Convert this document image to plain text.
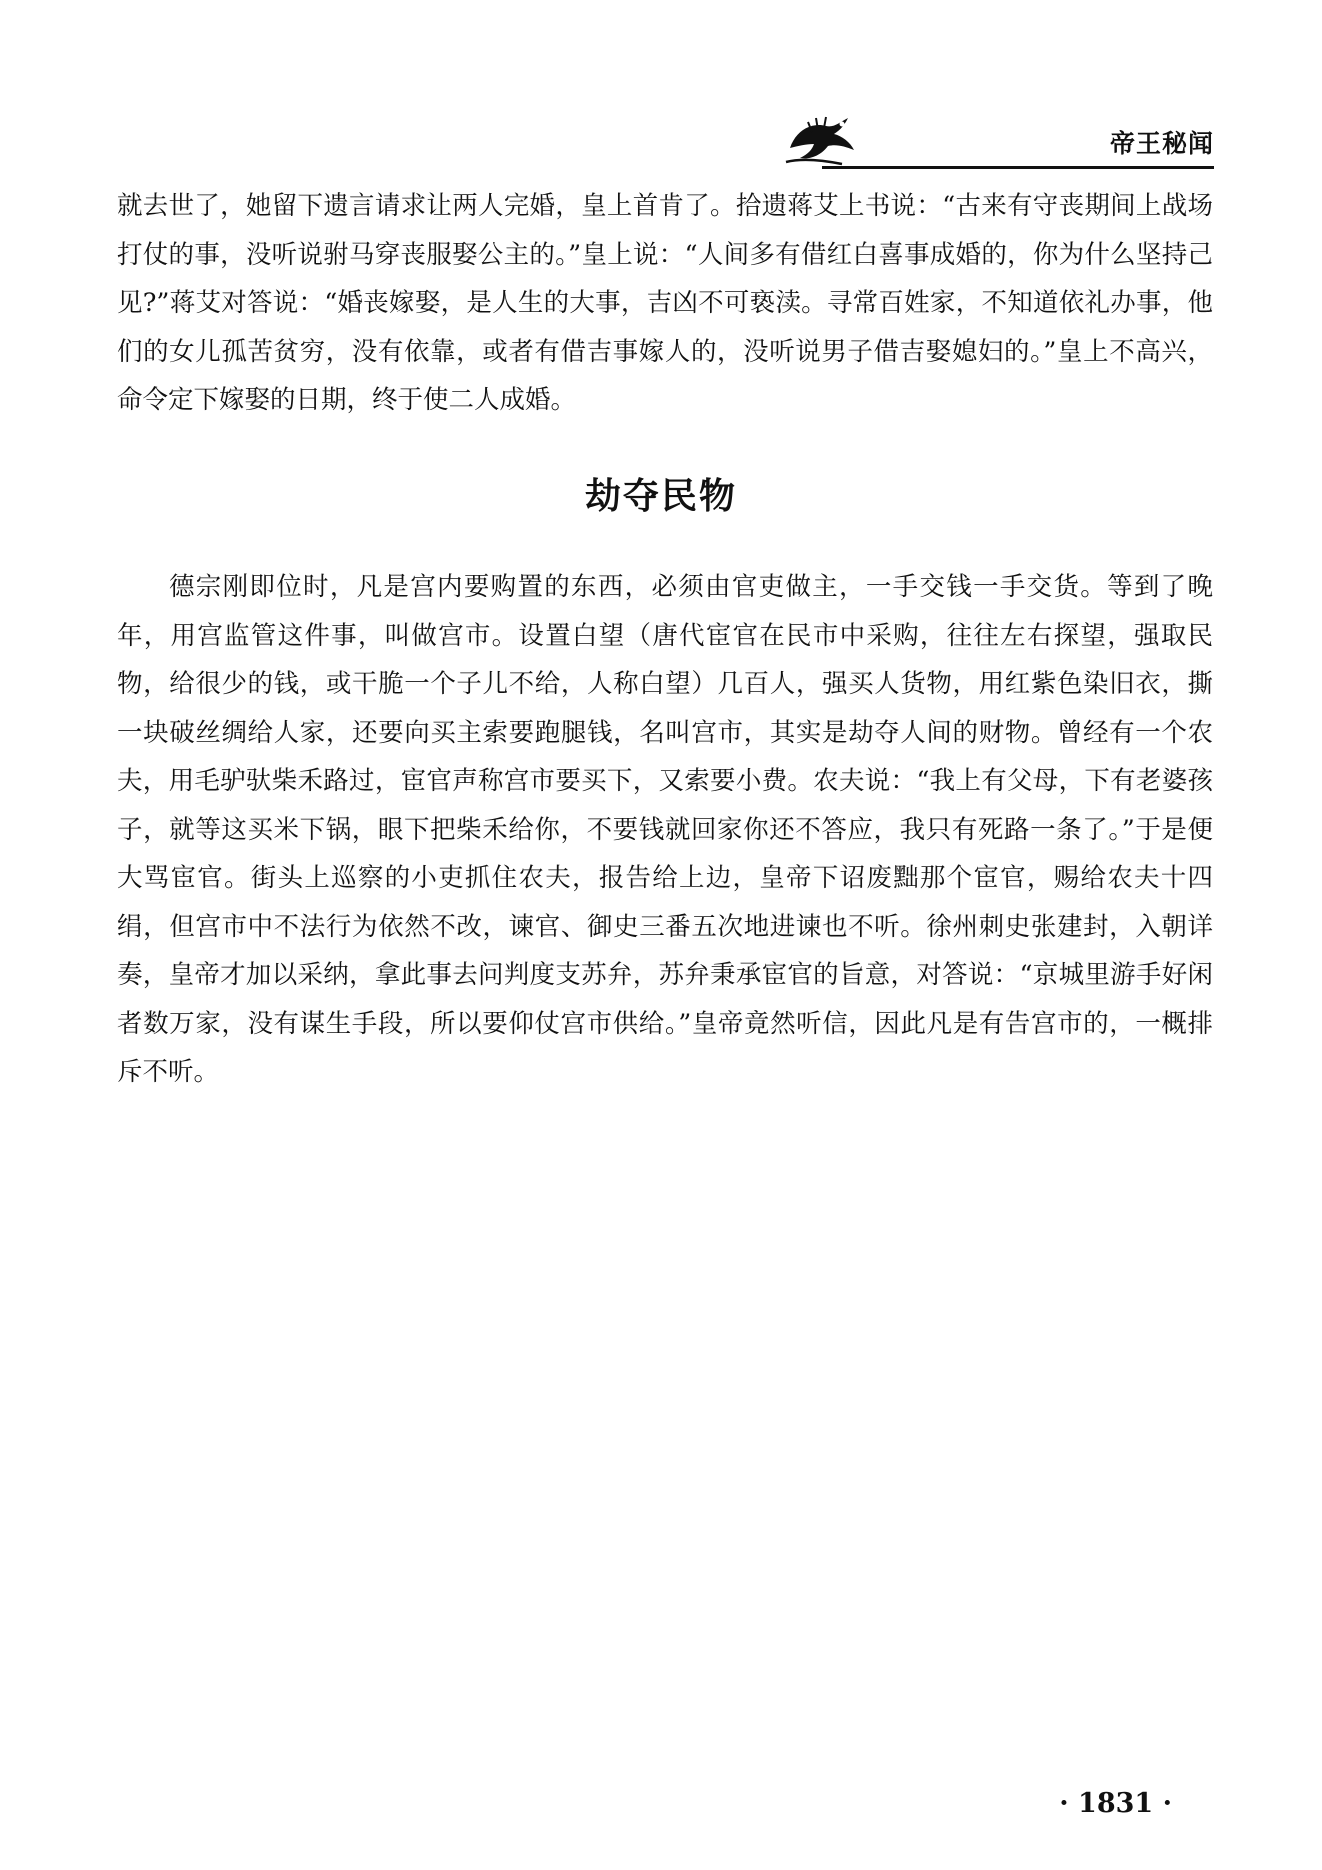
帝王秘闻

就去世了，她留下遗言请求让两人完婚，皇上首肯了。拾遗蒋艾上书说：“古来有守丧期间上战场打仗的事，没听说驸马穿丧服娶公主的。”皇上说：“人间多有借红白喜事成婚的，你为什么坚持己见?”蒋艾对答说：“婚丧嫁娶，是人生的大事，吉凶不可亵渎。寻常百姓家，不知道依礼办事，他们的女儿孤苦贫穷，没有依靠，或者有借吉事嫁人的，没听说男子借吉娶媳妇的。”皇上不高兴，命令定下嫁娶的日期，终于使二人成婚。

劫夺民物

德宗刚即位时，凡是宫内要购置的东西，必须由官吏做主，一手交钱一手交货。等到了晚年，用宫监管这件事，叫做宫市。设置白望（唐代宦官在民市中采购，往往左右探望，强取民物，给很少的钱，或干脆一个子儿不给，人称白望）几百人，强买人货物，用红紫色染旧衣，撕一块破丝绸给人家，还要向买主索要跑腿钱，名叫宫市，其实是劫夺人间的财物。曾经有一个农夫，用毛驴驮柴禾路过，宦官声称宫市要买下，又索要小费。农夫说：“我上有父母，下有老婆孩子，就等这买米下锅，眼下把柴禾给你，不要钱就回家你还不答应，我只有死路一条了。”于是便大骂宦官。街头上巡察的小吏抓住农夫，报告给上边，皇帝下诏废黜那个宦官，赐给农夫十四绢，但宫市中不法行为依然不改，谏官、御史三番五次地进谏也不听。徐州刺史张建封，入朝详奏，皇帝才加以采纳，拿此事去问判度支苏弁，苏弁秉承宦官的旨意，对答说：“京城里游手好闲者数万家，没有谋生手段，所以要仰仗宫市供给。”皇帝竟然听信，因此凡是有告宫市的，一概排斥不听。

· 1831 ·
